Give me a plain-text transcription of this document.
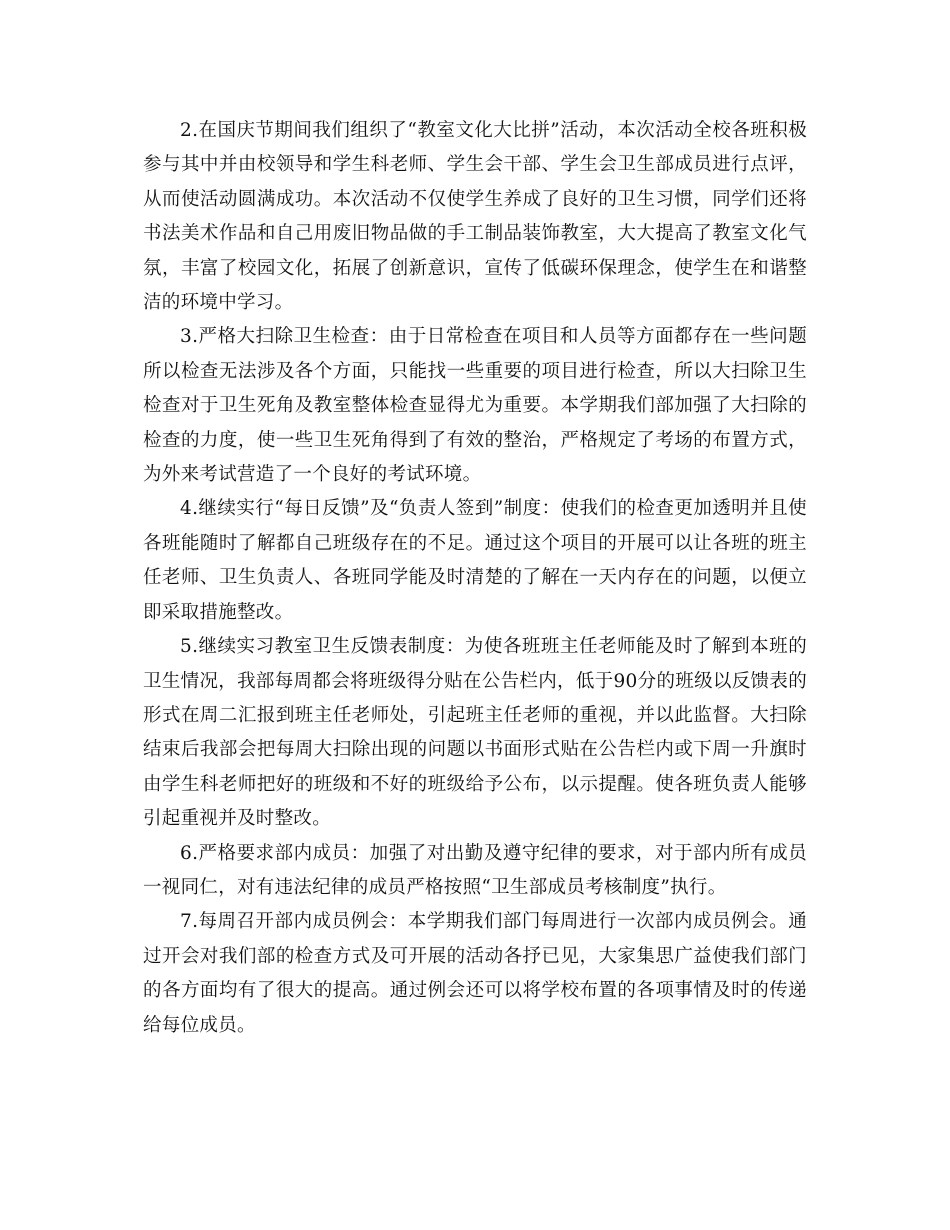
2.在国庆节期间我们组织了“教室文化大比拼”活动，本次活动全校各班积极参与其中并由校领导和学生科老师、学生会干部、学生会卫生部成员进行点评，从而使活动圆满成功。本次活动不仅使学生养成了良好的卫生习惯，同学们还将书法美术作品和自己用废旧物品做的手工制品装饰教室，大大提高了教室文化气氛，丰富了校园文化，拓展了创新意识，宣传了低碳环保理念，使学生在和谐整洁的环境中学习。

3.严格大扫除卫生检查：由于日常检查在项目和人员等方面都存在一些问题所以检查无法涉及各个方面，只能找一些重要的项目进行检查，所以大扫除卫生检查对于卫生死角及教室整体检查显得尤为重要。本学期我们部加强了大扫除的检查的力度，使一些卫生死角得到了有效的整治，严格规定了考场的布置方式，为外来考试营造了一个良好的考试环境。

4.继续实行“每日反馈”及“负责人签到”制度：使我们的检查更加透明并且使各班能随时了解都自己班级存在的不足。通过这个项目的开展可以让各班的班主任老师、卫生负责人、各班同学能及时清楚的了解在一天内存在的问题，以便立即采取措施整改。

5.继续实习教室卫生反馈表制度：为使各班班主任老师能及时了解到本班的卫生情况，我部每周都会将班级得分贴在公告栏内，低于90分的班级以反馈表的形式在周二汇报到班主任老师处，引起班主任老师的重视，并以此监督。大扫除结束后我部会把每周大扫除出现的问题以书面形式贴在公告栏内或下周一升旗时由学生科老师把好的班级和不好的班级给予公布，以示提醒。使各班负责人能够引起重视并及时整改。

6.严格要求部内成员：加强了对出勤及遵守纪律的要求，对于部内所有成员一视同仁，对有违法纪律的成员严格按照“卫生部成员考核制度”执行。

7.每周召开部内成员例会：本学期我们部门每周进行一次部内成员例会。通过开会对我们部的检查方式及可开展的活动各抒已见，大家集思广益使我们部门的各方面均有了很大的提高。通过例会还可以将学校布置的各项事情及时的传递给每位成员。
